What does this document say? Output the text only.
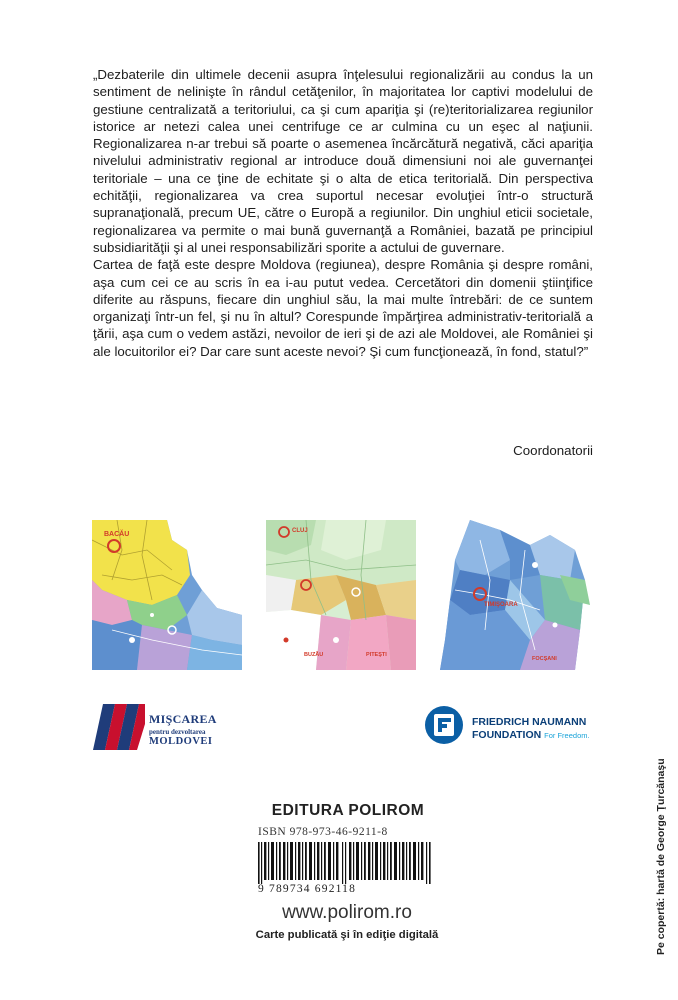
„Dezbaterile din ultimele decenii asupra înţelesului regionalizării au condus la un sentiment de nelinişte în rândul cetăţenilor, în majoritatea lor captivi modelului de gestiune centralizată a teritoriului, ca şi cum apariţia şi (re)teritorializarea regiunilor istorice ar netezi calea unei centrifuge ce ar culmina cu un eşec al naţiunii. Regionalizarea n-ar trebui să poarte o asemenea încărcătură negativă, căci apariţia nivelului administrativ regional ar introduce două dimensiuni noi ale guvernanţei teritoriale – una ce ţine de echitate şi o alta de etica teritorială. Din perspectiva echităţii, regionalizarea va crea suportul necesar evoluţiei într-o structură supranaţională, precum UE, către o Europă a regiunilor. Din unghiul eticii societale, regionalizarea va permite o mai bună guvernanţă a României, bazată pe principiul subsidiarităţii şi al unei responsabilizări sporite a actului de guvernare.

Cartea de faţă este despre Moldova (regiunea), despre România şi despre români, aşa cum cei ce au scris în ea i-au putut vedea. Cercetători din domenii ştiinţifice diferite au răspuns, fiecare din unghiul său, la mai multe întrebări: de ce suntem organizaţi într-un fel, şi nu în altul? Corespunde împărţirea administrativ-teritorială a ţării, aşa cum o vedem astăzi, nevoilor de ieri şi de azi ale Moldovei, ale României şi ale locuitorilor ei? Dar care sunt aceste nevoi? Şi cum funcţionează, în fond, statul?”

Coordonatorii
BACĂU	CLUJ
BUZĂU	PITEŞTI
TIMIŞOARA
FOCŞANI
MIŞCAREA
pentru dezvoltarea
MOLDOVEI
FRIEDRICH NAUMANN
FOUNDATION For Freedom.
EDITURA POLIROM
ISBN 978-973-46-9211-8
9 789734 692118
www.polirom.ro
Carte publicată şi în ediţie digitală	Pe copertă: hartă de George Ţurcănaşu
